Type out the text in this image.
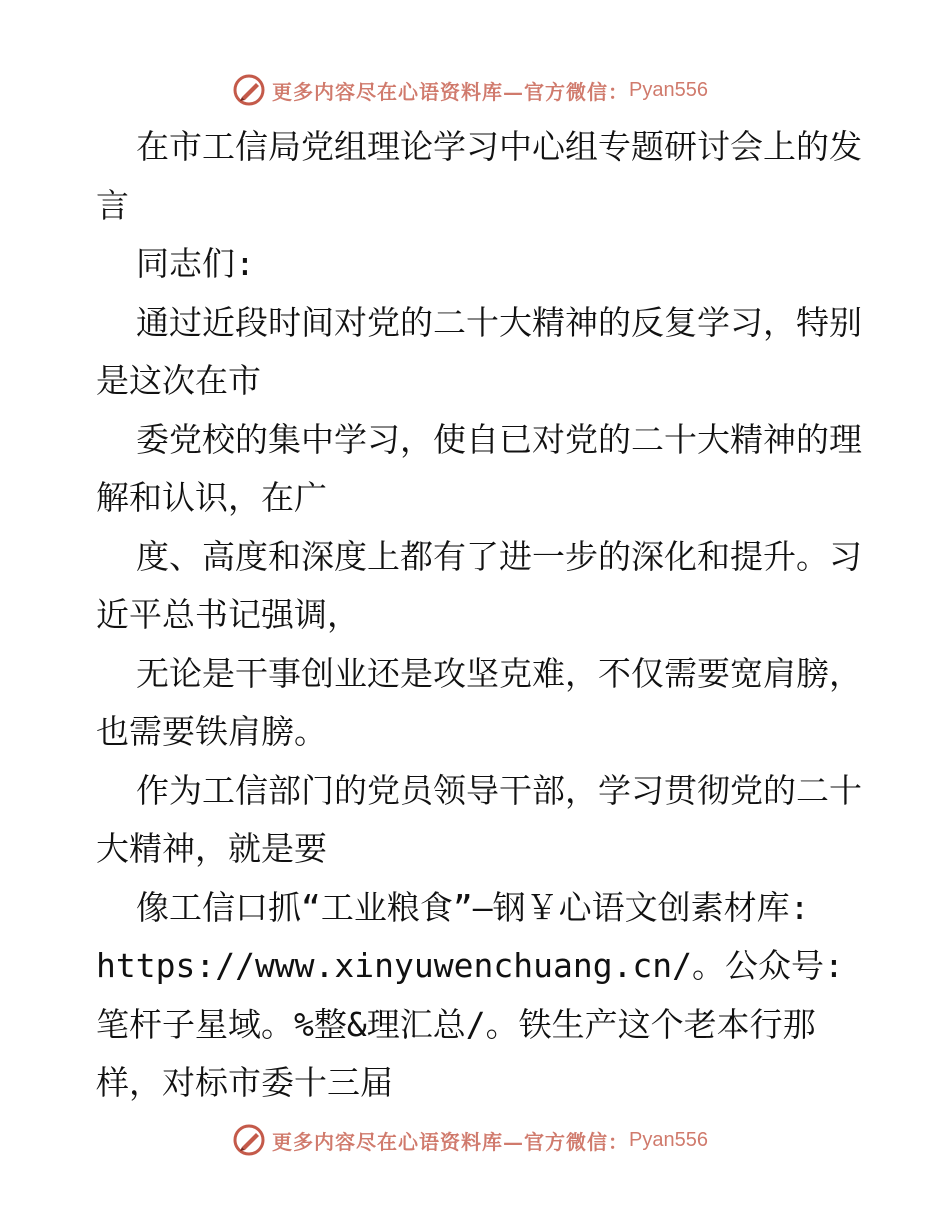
更多内容尽在心语资料库—官方微信： Pyan556

在市工信局党组理论学习中心组专题研讨会上的发言

同志们:

通过近段时间对党的二十大精神的反复学习，特别是这次在市

委党校的集中学习，使自已对党的二十大精神的理解和认识，在广

度、高度和深度上都有了进一步的深化和提升。习近平总书记强调，

无论是干事创业还是攻坚克难，不仅需要宽肩膀，也需要铁肩膀。

作为工信部门的党员领导干部，学习贯彻党的二十大精神，就是要

像工信口抓“工业粮食”—钢￥心语文创素材库: https://www.xinyuwenchuang.cn/。公众号: 笔杆子星域。%整&理汇总/。铁生产这个老本行那样，对标市委十三届

更多内容尽在心语资料库—官方微信： Pyan556
